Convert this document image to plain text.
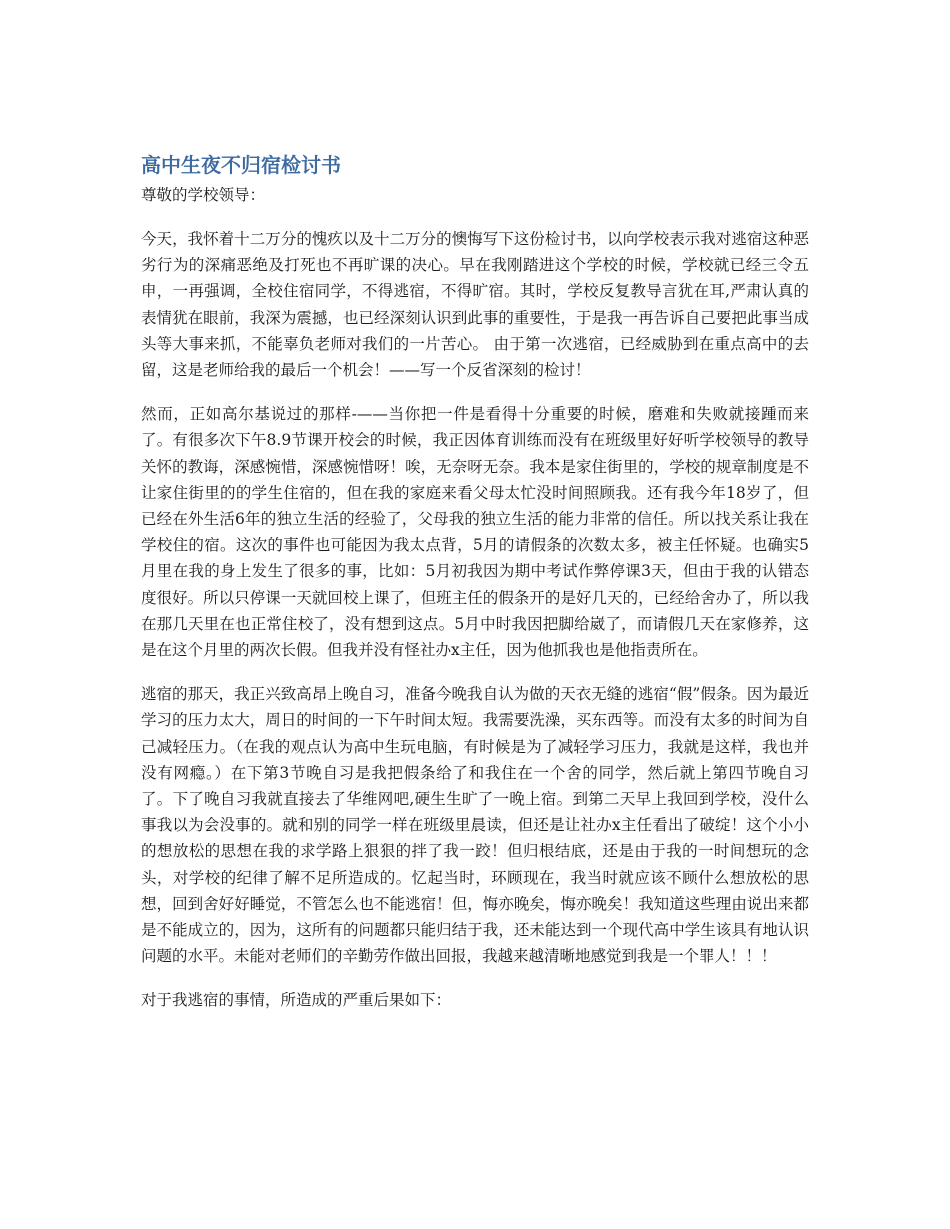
高中生夜不归宿检讨书

尊敬的学校领导：

今天，我怀着十二万分的愧疚以及十二万分的懊悔写下这份检讨书，以向学校表示我对逃宿这种恶劣行为的深痛恶绝及打死也不再旷课的决心。早在我刚踏进这个学校的时候，学校就已经三令五申，一再强调，全校住宿同学，不得逃宿，不得旷宿。其时，学校反复教导言犹在耳,严肃认真的表情犹在眼前，我深为震撼，也已经深刻认识到此事的重要性，于是我一再告诉自己要把此事当成头等大事来抓，不能辜负老师对我们的一片苦心。 由于第一次逃宿，已经威胁到在重点高中的去留，这是老师给我的最后一个机会！——写一个反省深刻的检讨！

然而，正如高尔基说过的那样-——当你把一件是看得十分重要的时候，磨难和失败就接踵而来了。有很多次下午8.9节课开校会的时候，我正因体育训练而没有在班级里好好听学校领导的教导关怀的教诲，深感惋惜，深感惋惜呀！唉，无奈呀无奈。我本是家住街里的，学校的规章制度是不让家住街里的的学生住宿的，但在我的家庭来看父母太忙没时间照顾我。还有我今年18岁了，但已经在外生活6年的独立生活的经验了，父母我的独立生活的能力非常的信任。所以找关系让我在学校住的宿。这次的事件也可能因为我太点背，5月的请假条的次数太多，被主任怀疑。也确实5月里在我的身上发生了很多的事，比如：5月初我因为期中考试作弊停课3天，但由于我的认错态度很好。所以只停课一天就回校上课了，但班主任的假条开的是好几天的，已经给舍办了，所以我在那几天里在也正常住校了，没有想到这点。5月中时我因把脚给崴了，而请假几天在家修养，这是在这个月里的两次长假。但我并没有怪社办x主任，因为他抓我也是他指责所在。

逃宿的那天，我正兴致高昂上晚自习，准备今晚我自认为做的天衣无缝的逃宿“假”假条。因为最近学习的压力太大，周日的时间的一下午时间太短。我需要洗澡，买东西等。而没有太多的时间为自己减轻压力。（在我的观点认为高中生玩电脑，有时候是为了减轻学习压力，我就是这样，我也并没有网瘾。）在下第3节晚自习是我把假条给了和我住在一个舍的同学，然后就上第四节晚自习了。下了晚自习我就直接去了华维网吧,硬生生旷了一晚上宿。到第二天早上我回到学校，没什么事我以为会没事的。就和别的同学一样在班级里晨读，但还是让社办x主任看出了破绽！这个小小的想放松的思想在我的求学路上狠狠的拌了我一跤！但归根结底，还是由于我的一时间想玩的念头，对学校的纪律了解不足所造成的。忆起当时，环顾现在，我当时就应该不顾什么想放松的思想，回到舍好好睡觉，不管怎么也不能逃宿！但，悔亦晚矣，悔亦晚矣！我知道这些理由说出来都是不能成立的，因为，这所有的问题都只能归结于我，还未能达到一个现代高中学生该具有地认识问题的水平。未能对老师们的辛勤劳作做出回报，我越来越清晰地感觉到我是一个罪人！！！

对于我逃宿的事情，所造成的严重后果如下：
